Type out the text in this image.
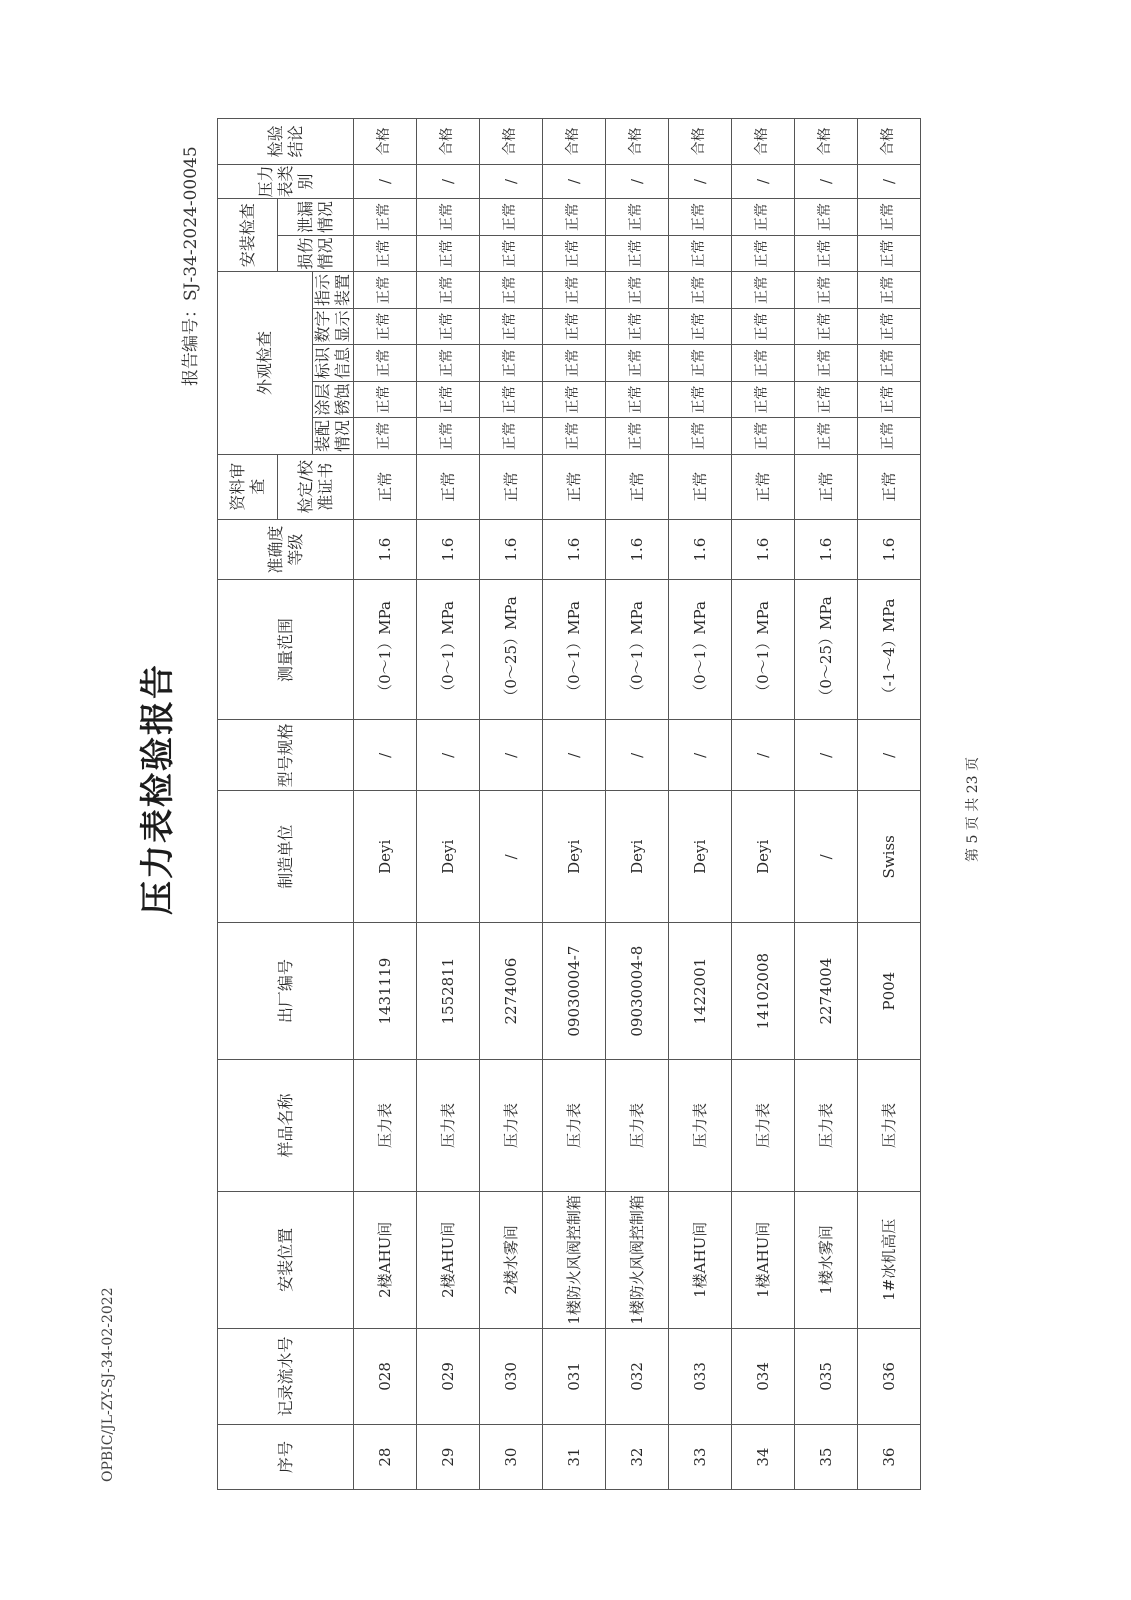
OPBIC/JL-ZY-SJ-34-02-2022
压力表检验报告
报告编号：SJ-34-2024-00045
序号	记录流水号	安装位置	样品名称	出厂编号	制造单位	型号规格	测量范围	准确度等级	资料审查	外观检查					安装检查		压力表类别	检验结论
									检定/校准证书						损伤情况	泄漏情况		
										装配情况	涂层锈蚀	标识信息	数字显示	指示装置				
28	028	2楼AHU间	压力表	1431119	Deyi	/	（0～1）MPa	1.6	正常	正常	正常	正常	正常	正常	正常	正常	/	合格
29	029	2楼AHU间	压力表	1552811	Deyi	/	（0～1）MPa	1.6	正常	正常	正常	正常	正常	正常	正常	正常	/	合格
30	030	2楼水雾间	压力表	2274006	/	/	（0～25）MPa	1.6	正常	正常	正常	正常	正常	正常	正常	正常	/	合格
31	031	1楼防火风阀控制箱	压力表	09030004-7	Deyi	/	（0～1）MPa	1.6	正常	正常	正常	正常	正常	正常	正常	正常	/	合格
32	032	1楼防火风阀控制箱	压力表	09030004-8	Deyi	/	（0～1）MPa	1.6	正常	正常	正常	正常	正常	正常	正常	正常	/	合格
33	033	1楼AHU间	压力表	1422001	Deyi	/	（0～1）MPa	1.6	正常	正常	正常	正常	正常	正常	正常	正常	/	合格
34	034	1楼AHU间	压力表	14102008	Deyi	/	（0～1）MPa	1.6	正常	正常	正常	正常	正常	正常	正常	正常	/	合格
35	035	1楼水雾间	压力表	2274004	/	/	（0～25）MPa	1.6	正常	正常	正常	正常	正常	正常	正常	正常	/	合格
36	036	1#冰机高压	压力表	P004	Swiss	/	（-1～4）MPa	1.6	正常	正常	正常	正常	正常	正常	正常	正常	/	合格
第 5 页 共 23 页
